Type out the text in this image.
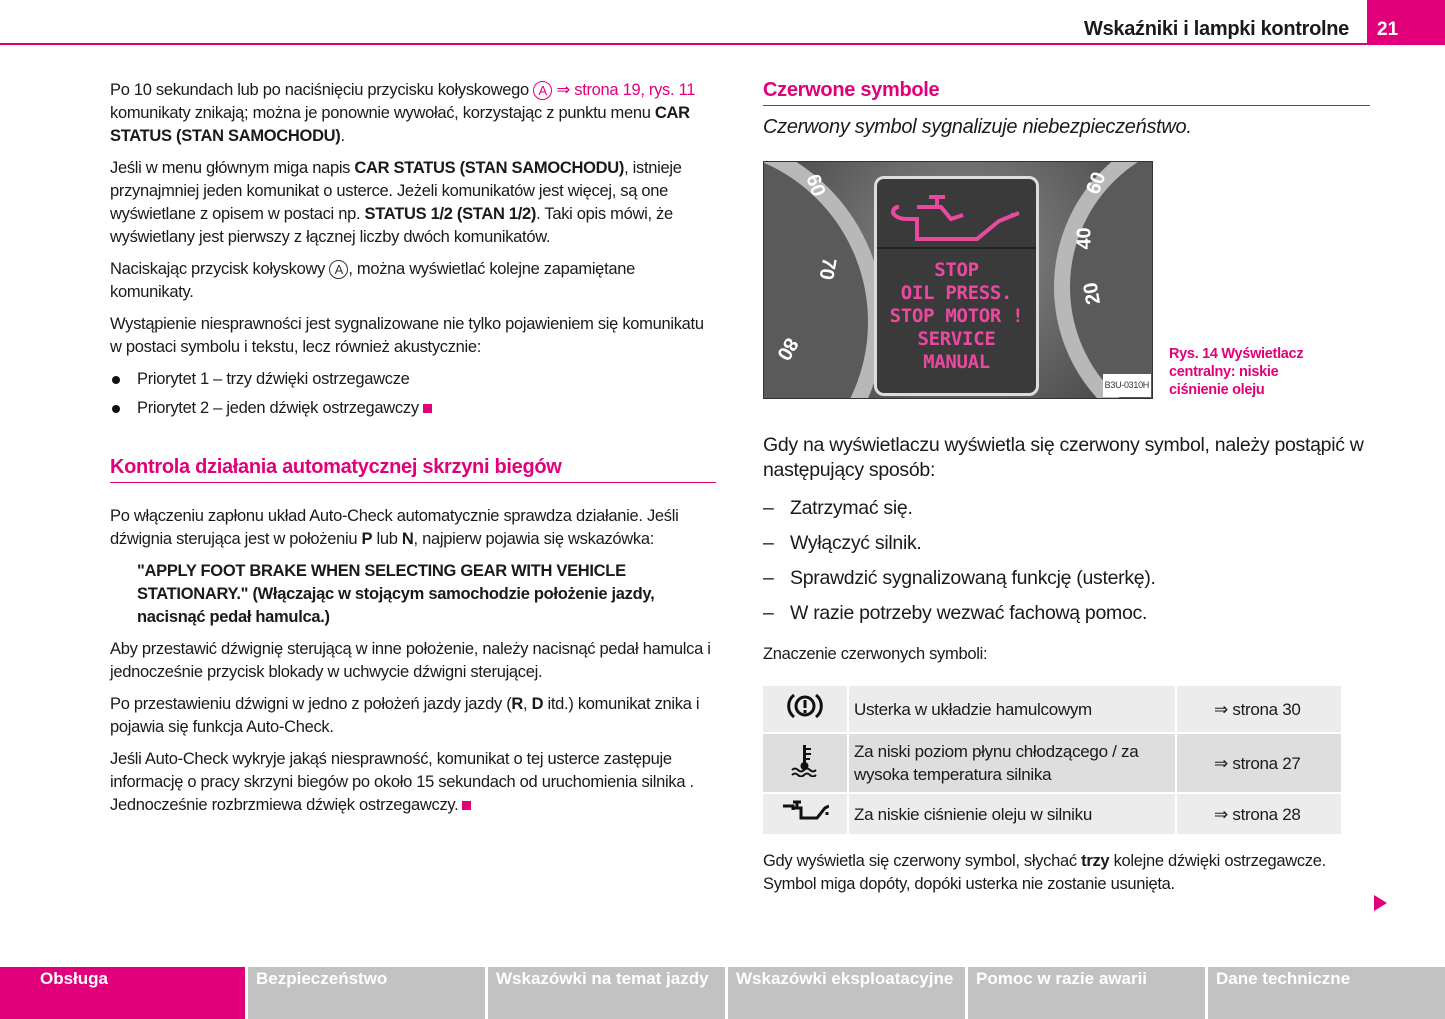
Wskaźniki i lampki kontrolne	21

Po 10 sekundach lub po naciśnięciu przycisku kołyskowego A ⇒ strona 19, rys. 11 komunikaty znikają; można je ponownie wywołać, korzystając z punktu menu CAR STATUS (STAN SAMOCHODU).

Jeśli w menu głównym miga napis CAR STATUS (STAN SAMOCHODU), istnieje przynajmniej jeden komunikat o usterce. Jeżeli komunikatów jest więcej, są one wyświetlane z opisem w postaci np. STATUS 1/2 (STAN 1/2). Taki opis mówi, że wyświetlany jest pierwszy z łącznej liczby dwóch komunikatów.

Naciskając przycisk kołyskowy A , można wyświetlać kolejne zapamiętane komunikaty.

Wystąpienie niesprawności jest sygnalizowane nie tylko pojawieniem się komunikatu w postaci symbolu i tekstu, lecz również akustycznie:

Priorytet 1 – trzy dźwięki ostrzegawcze
Priorytet 2 – jeden dźwięk ostrzegawczy
Kontrola działania automatycznej skrzyni biegów

Po włączeniu zapłonu układ Auto-Check automatycznie sprawdza działanie. Jeśli dźwignia sterująca jest w położeniu P lub N, najpierw pojawia się wskazówka:

"APPLY FOOT BRAKE WHEN SELECTING GEAR WITH VEHICLE STATIONARY." (Włączając w stojącym samochodzie położenie jazdy, nacisnąć pedał hamulca.)

Aby przestawić dźwignię sterującą w inne położenie, należy nacisnąć pedał hamulca i jednocześnie przycisk blokady w uchwycie dźwigni sterującej.

Po przestawieniu dźwigni w jedno z położeń jazdy jazdy (R, D itd.) komunikat znika i pojawia się funkcja Auto-Check.

Jeśli Auto-Check wykryje jakąś niesprawność, komunikat o tej usterce zastępuje informację o pracy skrzyni biegów po około 15 sekundach od uruchomienia silnika . Jednocześnie rozbrzmiewa dźwięk ostrzegawczy.

Czerwone symbole
Czerwony symbol sygnalizuje niebezpieczeństwo.
60
70
80
60
40
20
STOP
OIL PRESS.
STOP MOTOR !
SERVICE
MANUAL
B3U-0310H
Rys. 14 Wyświetlacz centralny: niskie ciśnienie oleju

Gdy na wyświetlaczu wyświetla się czerwony symbol, należy postąpić w następujący sposób:

– Zatrzymać się.
– Wyłączyć silnik.
– Sprawdzić sygnalizowaną funkcję (usterkę).
– W razie potrzeby wezwać fachową pomoc.

Znaczenie czerwonych symboli:

	Usterka w układzie hamulcowym	⇒ strona 30
	Za niski poziom płynu chłodzącego / za wysoka temperatura silnika	⇒ strona 27
	Za niskie ciśnienie oleju w silniku	⇒ strona 28

Gdy wyświetla się czerwony symbol, słychać trzy kolejne dźwięki ostrzegawcze. Symbol miga dopóty, dopóki usterka nie zostanie usunięta.

Obsługa	Bezpieczeństwo	Wskazówki na temat jazdy	Wskazówki eksploatacyjne	Pomoc w razie awarii	Dane techniczne
